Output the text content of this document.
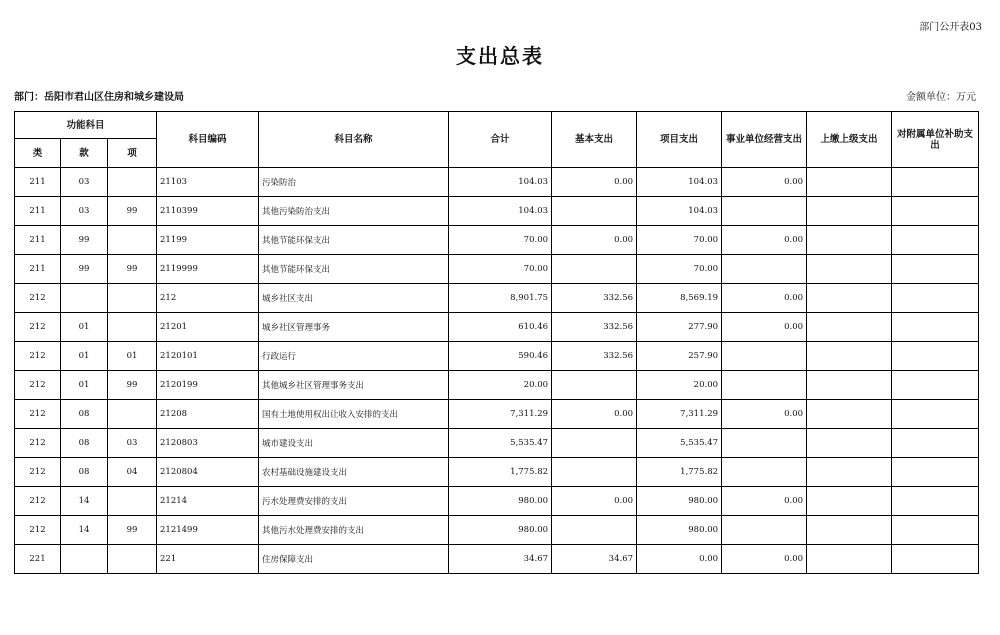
部门公开表03
支出总表
部门：岳阳市君山区住房和城乡建设局	金额单位：万元
功能科目			科目编码	科目名称	合计	基本支出	项目支出	事业单位经营支出	上缴上级支出	对附属单位补助支出
类	款	项								
211	03		21103	污染防治	104.03	0.00	104.03	0.00		
211	03	99	2110399	其他污染防治支出	104.03		104.03			
211	99		21199	其他节能环保支出	70.00	0.00	70.00	0.00		
211	99	99	2119999	其他节能环保支出	70.00		70.00			
212			212	城乡社区支出	8,901.75	332.56	8,569.19	0.00		
212	01		21201	城乡社区管理事务	610.46	332.56	277.90	0.00		
212	01	01	2120101	行政运行	590.46	332.56	257.90			
212	01	99	2120199	其他城乡社区管理事务支出	20.00		20.00			
212	08		21208	国有土地使用权出让收入安排的支出	7,311.29	0.00	7,311.29	0.00		
212	08	03	2120803	城市建设支出	5,535.47		5,535.47			
212	08	04	2120804	农村基础设施建设支出	1,775.82		1,775.82			
212	14		21214	污水处理费安排的支出	980.00	0.00	980.00	0.00		
212	14	99	2121499	其他污水处理费安排的支出	980.00		980.00			
221			221	住房保障支出	34.67	34.67	0.00	0.00		
